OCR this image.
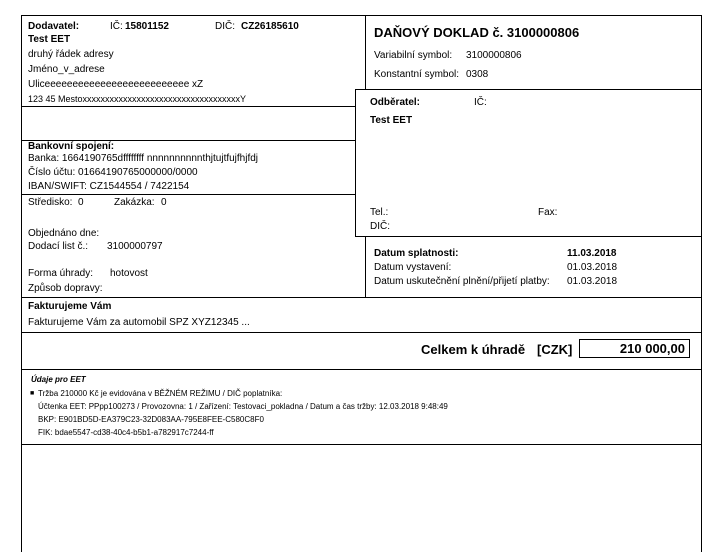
Dodavatel:	IČ: 15801152	DIČ: CZ26185610
Test EET
druhý řádek adresy
Jméno_v_adrese
Uliceeeeeeeeeeeeeeeeeeeeeeeeee xZ
123 45 MestoxxxxxxxxxxxxxxxxxxxxxxxxxxxxxxxxxxxY
Bankovní spojení:
Banka: 1664190765dffffffff nnnnnnnnnnthjtujtfujfhjfdj
Číslo účtu: 01664190765000000/0000
IBAN/SWIFT: CZ1544554 / 7422154
Středisko: 0	Zakázka: 0
Objednáno dne:
Dodací list č.: 3100000797
Forma úhrady: hotovost
Způsob dopravy:
DAŇOVÝ DOKLAD č. 3100000806
Variabilní symbol: 3100000806
Konstantní symbol: 0308
Odběratel:	IČ:
Test EET
Tel.:	Fax:
DIČ:
Datum splatnosti:	11.03.2018
Datum vystavení:	01.03.2018
Datum uskutečnění plnění/přijetí platby: 01.03.2018
Fakturujeme Vám
Fakturujeme Vám za automobil SPZ XYZ12345 ...
Celkem k úhradě [CZK]	210 000,00
Údaje pro EET
■ Tržba 210000 Kč je evidována v BĚŽNÉM REŽIMU / DIČ poplatníka:
Účtenka EET: PPpp100273 / Provozovna: 1 / Zařízení: Testovaci_pokladna / Datum a čas tržby: 12.03.2018 9:48:49
BKP: E901BD5D-EA379C23-32D083AA-795E8FEE-C580C8F0
FIK: bdae5547-cd38-40c4-b5b1-a782917c7244-ff
